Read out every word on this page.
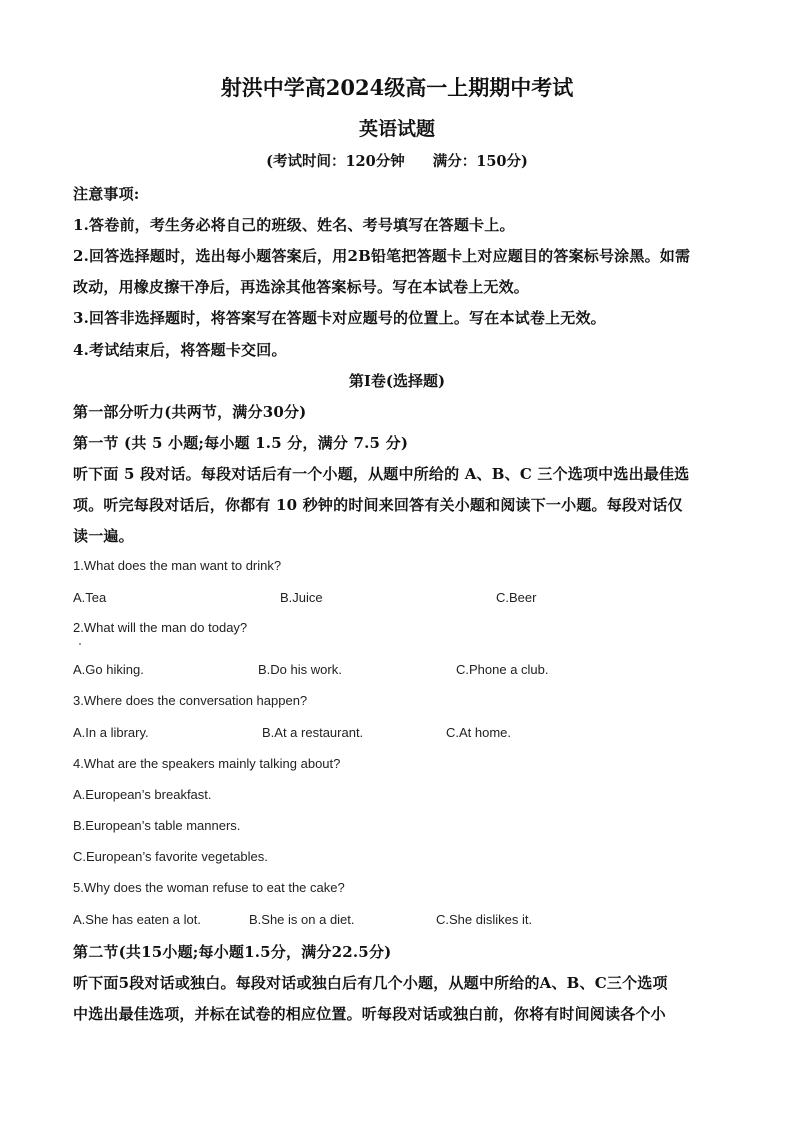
射洪中学高2024级高一上期期中考试
英语试题
(考试时间：120分钟 满分：150分)
注意事项:
1.答卷前，考生务必将自己的班级、姓名、考号填写在答题卡上。
2.回答选择题时，选出每小题答案后，用2B铅笔把答题卡上对应题目的答案标号涂黑。如需
改动，用橡皮擦干净后，再选涂其他答案标号。写在本试卷上无效。
3.回答非选择题时，将答案写在答题卡对应题号的位置上。写在本试卷上无效。
4.考试结束后，将答题卡交回。
第I卷(选择题)
第一部分听力(共两节，满分30分)
第一节 (共 5 小题;每小题 1.5 分，满分 7.5 分)
听下面 5 段对话。每段对话后有一个小题，从题中所给的 A、B、C 三个选项中选出最佳选
项。听完每段对话后，你都有 10 秒钟的时间来回答有关小题和阅读下一小题。每段对话仅
读一遍。
1.What does the man want to drink?
A.Tea	B.Juice	C.Beer
2.What will the man do today?
A.Go hiking.	B.Do his work.	C.Phone a club.
3.Where does the conversation happen?
A.In a library.	B.At a restaurant.	C.At home.
4.What are the speakers mainly talking about?
A.European’s breakfast.
B.European’s table manners.
C.European’s favorite vegetables.
5.Why does the woman refuse to eat the cake?
A.She has eaten a lot.	B.She is on a diet.	C.She dislikes it.
第二节(共15小题;每小题1.5分，满分22.5分)
听下面5段对话或独白。每段对话或独白后有几个小题，从题中所给的A、B、C三个选项
中选出最佳选项，并标在试卷的相应位置。听每段对话或独白前，你将有时间阅读各个小
